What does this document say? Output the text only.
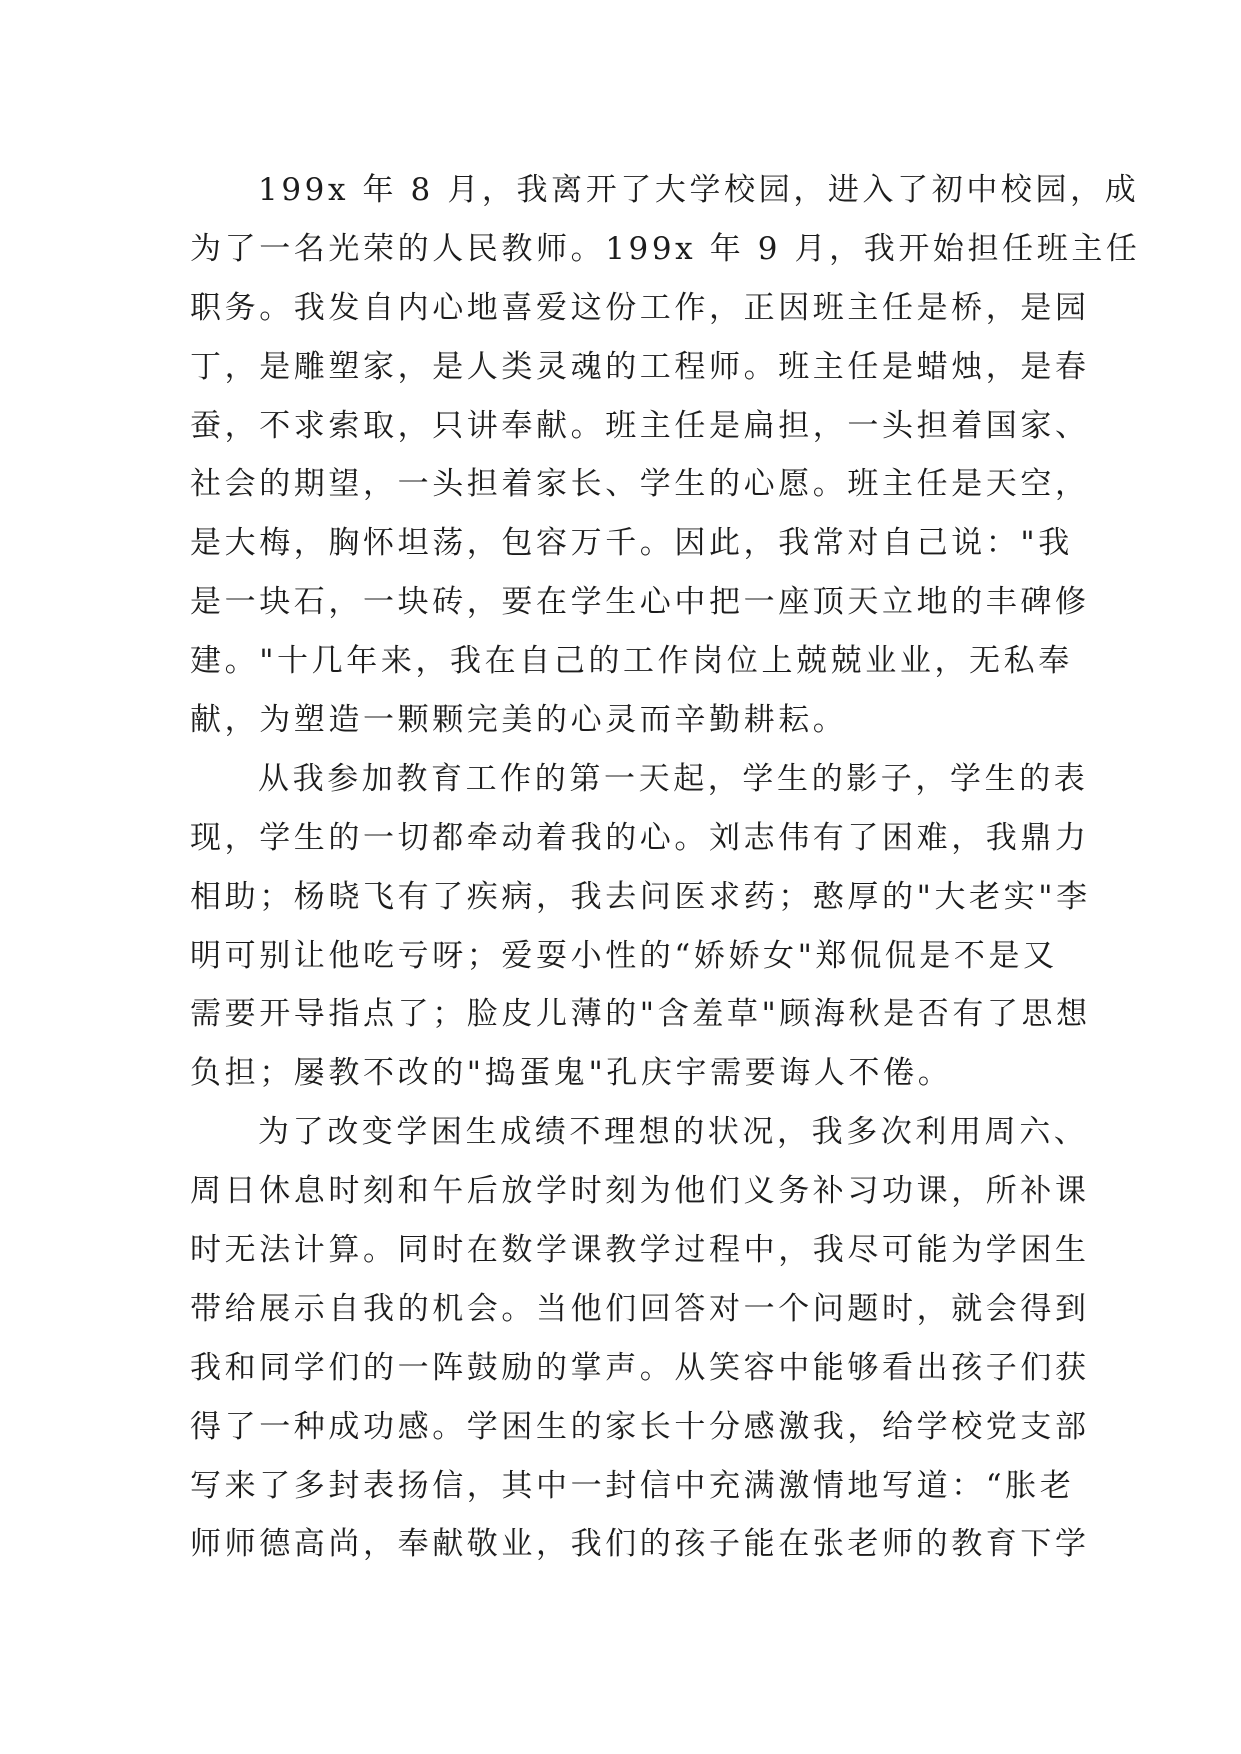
199x 年 8 月，我离开了大学校园，进入了初中校园，成
为了一名光荣的人民教师。199x 年 9 月，我开始担任班主任
职务。我发自内心地喜爱这份工作，正因班主任是桥，是园
丁，是雕塑家，是人类灵魂的工程师。班主任是蜡烛，是春
蚕，不求索取，只讲奉献。班主任是扁担，一头担着国家、
社会的期望，一头担着家长、学生的心愿。班主任是天空，
是大梅，胸怀坦荡，包容万千。因此，我常对自己说："我
是一块石，一块砖，要在学生心中把一座顶天立地的丰碑修
建。"十几年来，我在自己的工作岗位上兢兢业业，无私奉
献，为塑造一颗颗完美的心灵而辛勤耕耘。
从我参加教育工作的第一天起，学生的影子，学生的表
现，学生的一切都牵动着我的心。刘志伟有了困难，我鼎力
相助；杨晓飞有了疾病，我去问医求药；憨厚的"大老实"李
明可别让他吃亏呀；爱耍小性的“娇娇女"郑侃侃是不是又
需要开导指点了；脸皮儿薄的"含羞草"顾海秋是否有了思想
负担；屡教不改的"捣蛋鬼"孔庆宇需要诲人不倦。
为了改变学困生成绩不理想的状况，我多次利用周六、
周日休息时刻和午后放学时刻为他们义务补习功课，所补课
时无法计算。同时在数学课教学过程中，我尽可能为学困生
带给展示自我的机会。当他们回答对一个问题时，就会得到
我和同学们的一阵鼓励的掌声。从笑容中能够看出孩子们获
得了一种成功感。学困生的家长十分感激我，给学校党支部
写来了多封表扬信，其中一封信中充满激情地写道：“胀老
师师德高尚，奉献敬业，我们的孩子能在张老师的教育下学
